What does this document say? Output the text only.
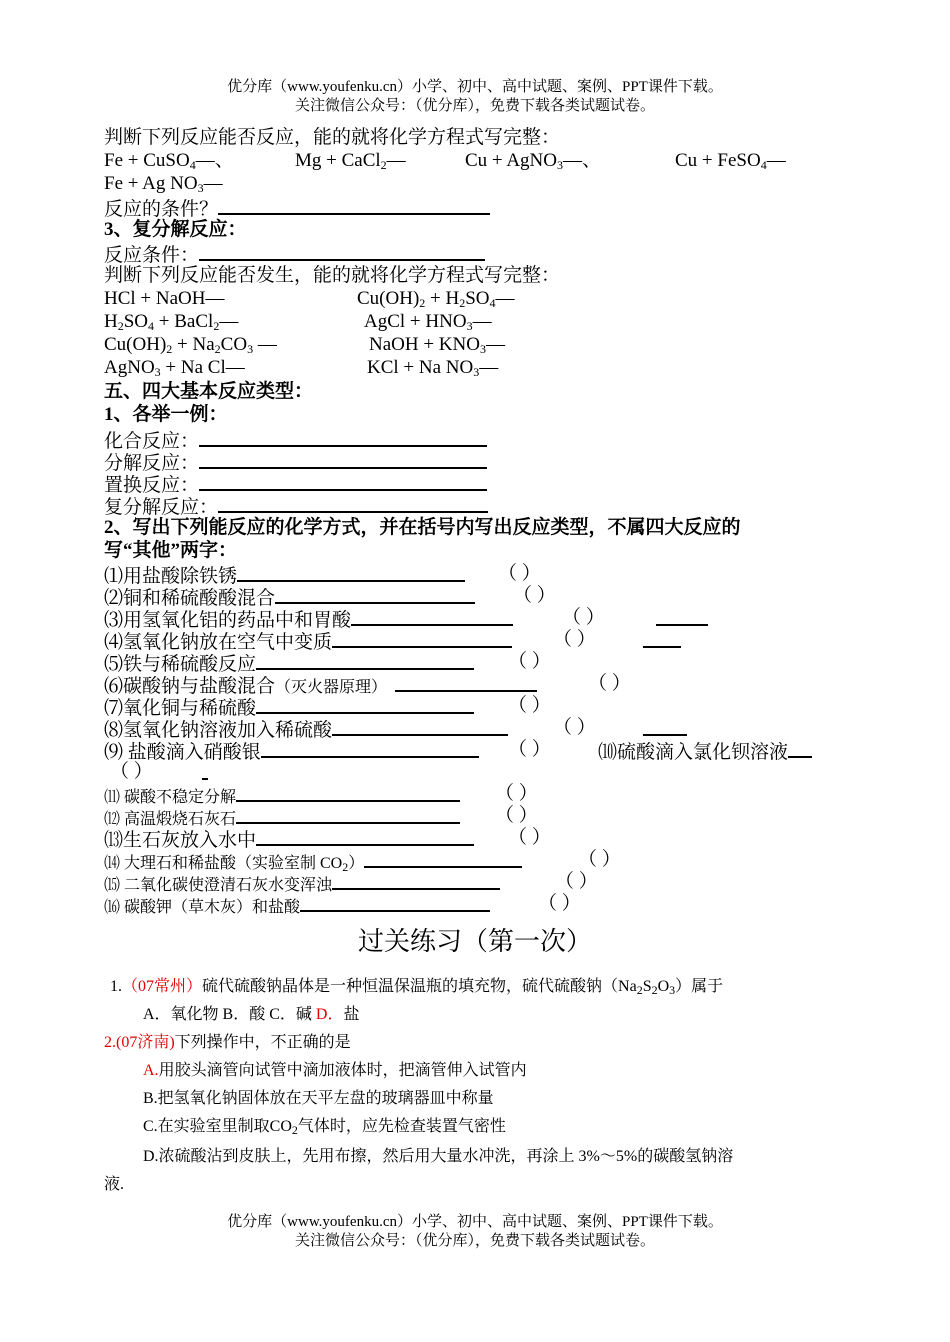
优分库（www.youfenku.cn）小学、初中、高中试题、案例、PPT课件下载。
关注微信公众号：（优分库），免费下载各类试题试卷。
判断下列反应能否反应，能的就将化学方程式写完整：
Fe + CuSO$_4$—、	Mg + CaCl$_2$—	Cu + AgNO$_3$—、	Cu + FeSO$_4$—
Fe + Ag $NO_3—$
反应的条件？
3、复分解反应：
反应条件：
判断下列反应能否发生，能的就将化学方程式写完整：
HCl + NaOH—	$Cu(OH)_2$ + $H_2SO_4—$
$H_2SO_4$ + BaCl$_2$—	AgCl + $HNO_3—$
$Cu(OH)_2 + Na_2CO_3$ —	NaOH + $KNO_3—$
AgNO$_3$ + Na Cl—	KCl + Na $NO_3—$
五、四大基本反应类型：
1、各举一例：
化合反应：
分解反应：
置换反应：
复分解反应：
2、写出下列能反应的化学方式，并在括号内写出反应类型，不属四大反应的
写“其他”两字：
⑴用盐酸除铁锈	（ ）
⑵铜和稀硫酸酸混合	（ ）
⑶用氢氧化铝的药品中和胃酸	（ ）
⑷氢氧化钠放在空气中变质	（ ）
⑸铁与稀硫酸反应	（ ）
⑹碳酸钠与盐酸混合（灭火器原理）	（ ）
⑺氧化铜与稀硫酸	（ ）
⑻氢氧化钠溶液加入稀硫酸	（ ）
⑼ 盐酸滴入硝酸银	（ ） ⑽硫酸滴入氯化钡溶液
（ ）
⑾ 碳酸不稳定分解	（ ）
⑿ 高温煅烧石灰石	（ ）
⒀生石灰放入水中	（ ）
⒁ 大理石和稀盐酸（实验室制 $CO_2$）	（ ）
⒂ 二氧化碳使澄清石灰水变浑浊	（ ）
⒃ 碳酸钾（草木灰）和盐酸	（ ）
过关练习（第一次）
1.（07常州）硫代硫酸钠晶体是一种恒温保温瓶的填充物，硫代硫酸钠$(Na_2S_2O_3)$属于
A．氧化物 B．酸 C．碱 D．盐
2.(07济南)下列操作中，不正确的是
A.用胶头滴管向试管中滴加液体时，把滴管伸入试管内
B.把氢氧化钠固体放在天平左盘的玻璃器皿中称量
C.在实验室里制取$CO_2$气体时，应先检查装置气密性
D.浓硫酸沾到皮肤上，先用布擦，然后用大量水冲洗，再涂上 3%～5%的碳酸氢钠溶
液.
优分库（www.youfenku.cn）小学、初中、高中试题、案例、PPT课件下载。
关注微信公众号：（优分库），免费下载各类试题试卷。
